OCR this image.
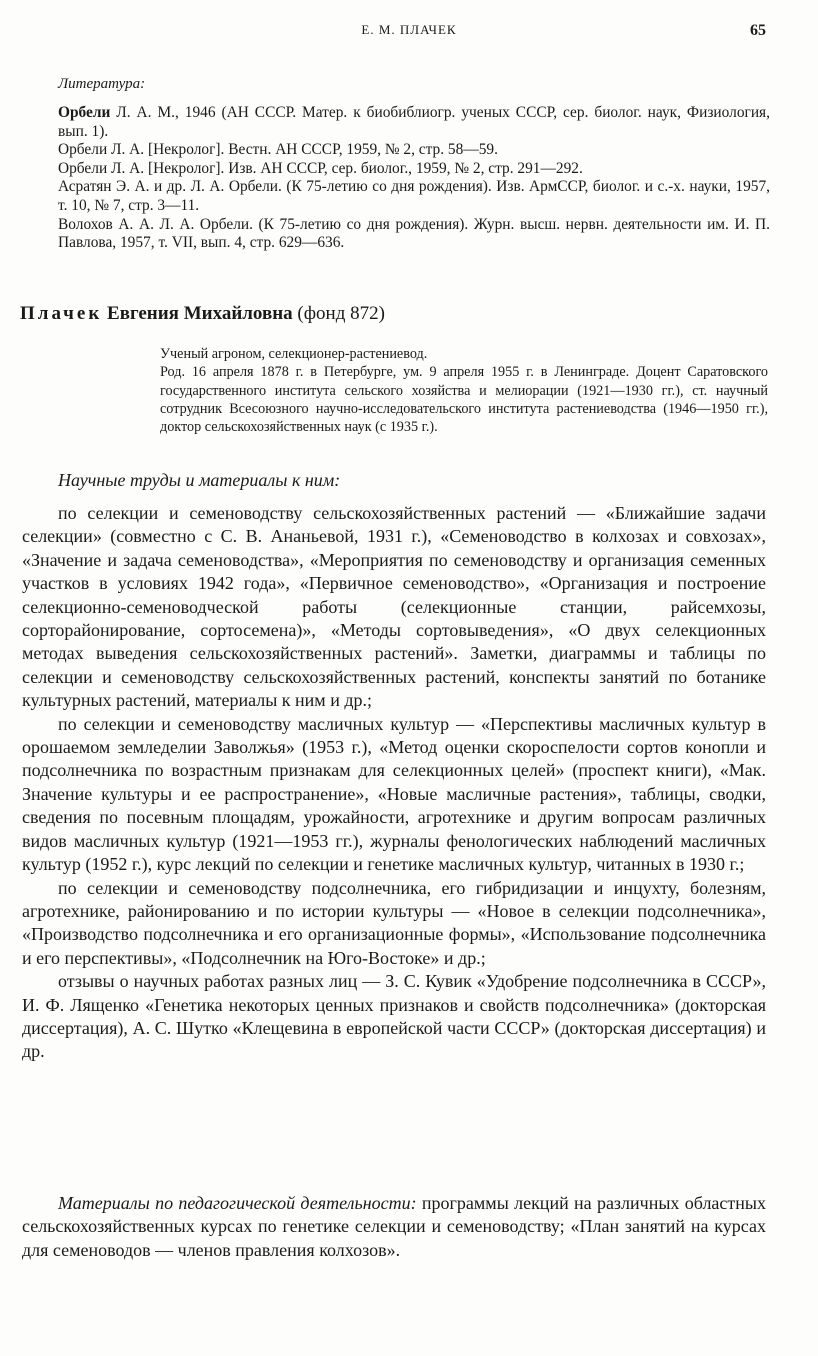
Е. М. ПЛАЧЕК	65
Литература:

Орбели Л. А. М., 1946 (АН СССР. Матер. к биобиблиогр. ученых СССР, сер. биолог. наук, Физиология, вып. 1).

Орбели Л. А. [Некролог]. Вестн. АН СССР, 1959, № 2, стр. 58—59.

Орбели Л. А. [Некролог]. Изв. АН СССР, сер. биолог., 1959, № 2, стр. 291—292.

Асратян Э. А. и др. Л. А. Орбели. (К 75-летию со дня рождения). Изв. АрмССР, биолог. и с.-х. науки, 1957, т. 10, № 7, стр. 3—11.

Волохов А. А. Л. А. Орбели. (К 75-летию со дня рождения). Журн. высш. нервн. деятельности им. И. П. Павлова, 1957, т. VII, вып. 4, стр. 629—636.

Плачек Евгения Михайловна (фонд 872)

Ученый агроном, селекционер-растениевод.

Род. 16 апреля 1878 г. в Петербурге, ум. 9 апреля 1955 г. в Ленинграде. Доцент Саратовского государственного института сельского хозяйства и мелиорации (1921—1930 гг.), ст. научный сотрудник Всесоюзного научно-исследовательского института растениеводства (1946—1950 гг.), доктор сельскохозяйственных наук (с 1935 г.).

Научные труды и материалы к ним:

по селекции и семеноводству сельскохозяйственных растений — «Ближайшие задачи селекции» (совместно с С. В. Ананьевой, 1931 г.), «Семеноводство в колхозах и совхозах», «Значение и задача семеноводства», «Мероприятия по семеноводству и организация семенных участков в условиях 1942 года», «Первичное семеноводство», «Организация и построение селекционно-семеноводческой работы (селекционные станции, райсемхозы, сорторайонирование, сортосемена)», «Методы сортовыведения», «О двух селекционных методах выведения сельскохозяйственных растений». Заметки, диаграммы и таблицы по селекции и семеноводству сельскохозяйственных растений, конспекты занятий по ботанике культурных растений, материалы к ним и др.;

по селекции и семеноводству масличных культур — «Перспективы масличных культур в орошаемом земледелии Заволжья» (1953 г.), «Метод оценки скороспелости сортов конопли и подсолнечника по возрастным признакам для селекционных целей» (проспект книги), «Мак. Значение культуры и ее распространение», «Новые масличные растения», таблицы, сводки, сведения по посевным площадям, урожайности, агротехнике и другим вопросам различных видов масличных культур (1921—1953 гг.), журналы фенологических наблюдений масличных культур (1952 г.), курс лекций по селекции и генетике масличных культур, читанных в 1930 г.;

по селекции и семеноводству подсолнечника, его гибридизации и инцухту, болезням, агротехнике, районированию и по истории культуры — «Новое в селекции подсолнечника», «Производство подсолнечника и его организационные формы», «Использование подсолнечника и его перспективы», «Подсолнечник на Юго-Востоке» и др.;

отзывы о научных работах разных лиц — З. С. Кувик «Удобрение подсолнечника в СССР», И. Ф. Лященко «Генетика некоторых ценных признаков и свойств подсолнечника» (докторская диссертация), А. С. Шутко «Клещевина в европейской части СССР» (докторская диссертация) и др.

Материалы по педагогической деятельности: программы лекций на различных областных сельскохозяйственных курсах по генетике селекции и семеноводству; «План занятий на курсах для семеноводов — членов правления колхозов».
